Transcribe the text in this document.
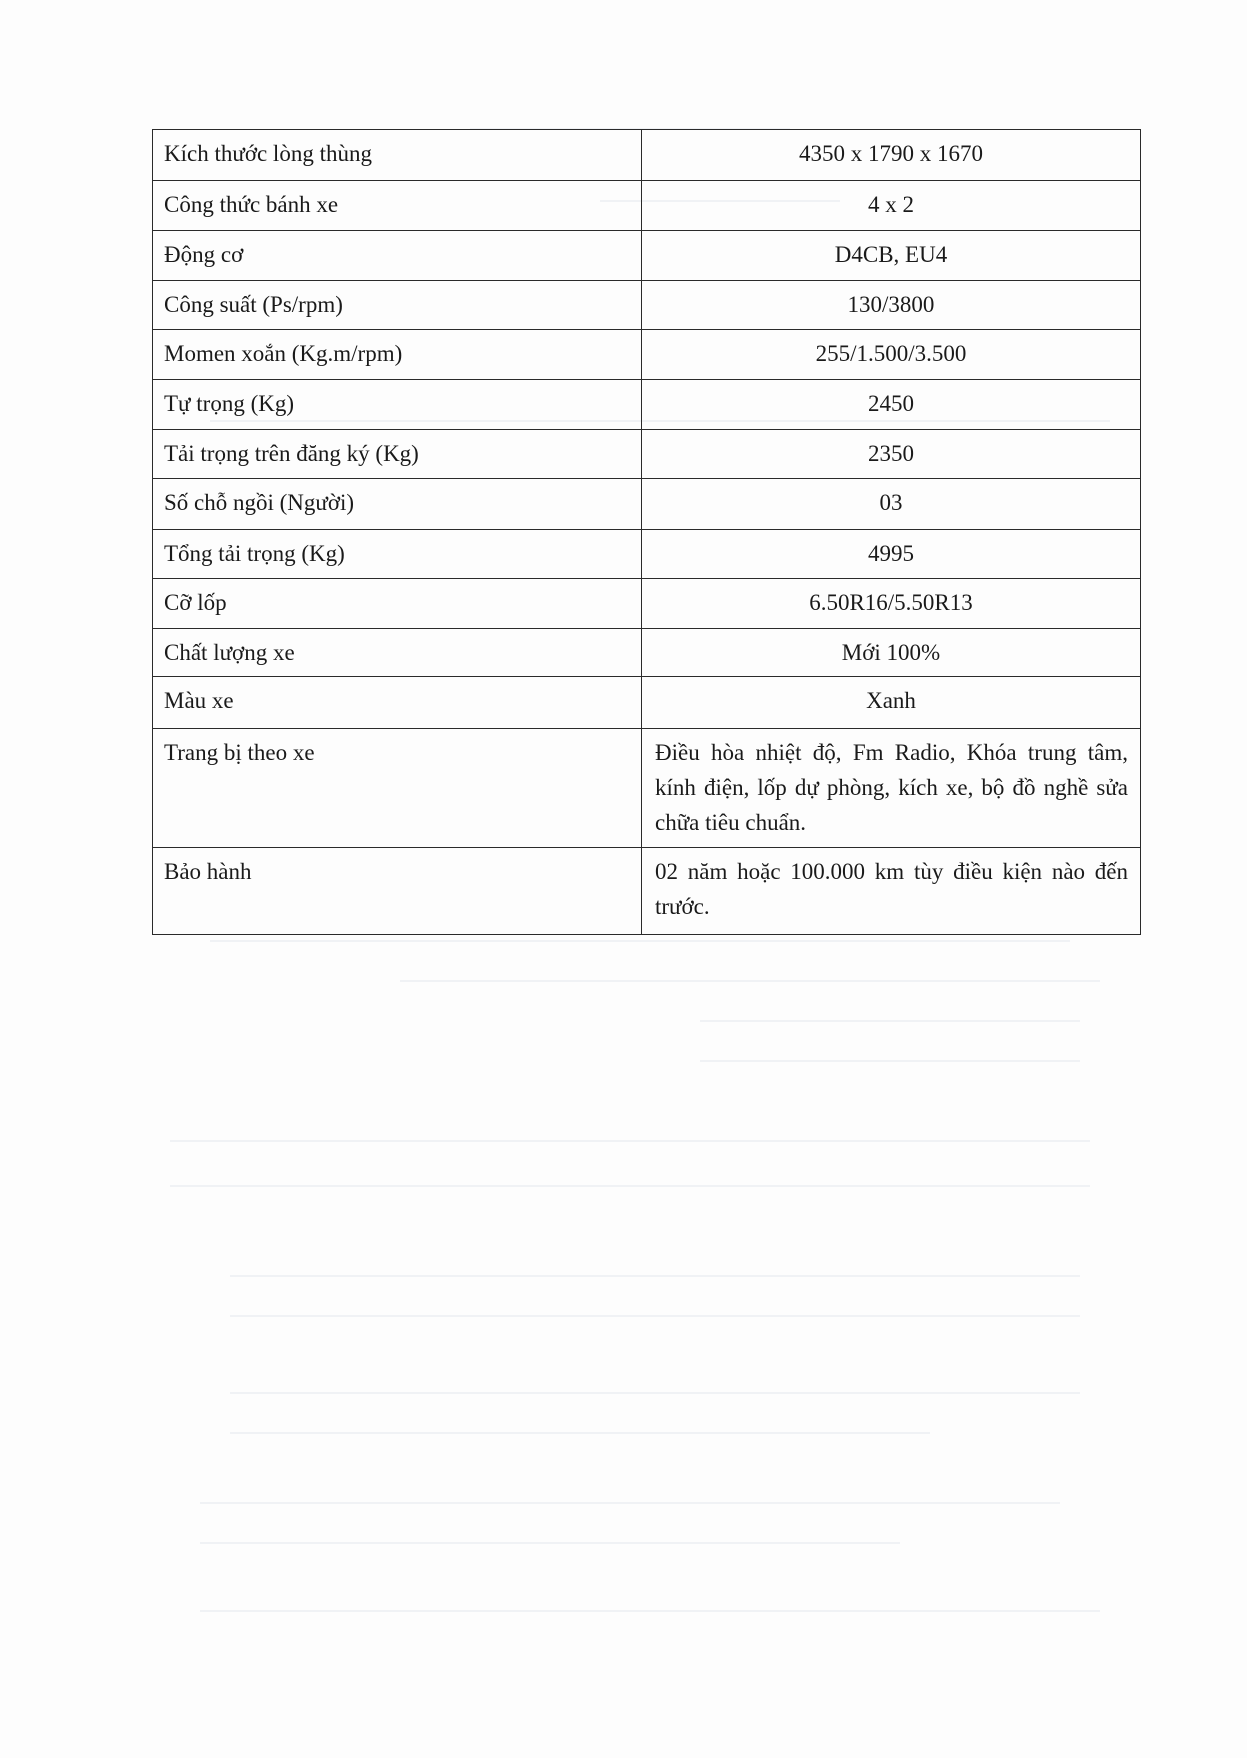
Kích thước lòng thùng	4350 x 1790 x 1670
Công thức bánh xe	4 x 2
Động cơ	D4CB, EU4
Công suất (Ps/rpm)	130/3800
Momen xoắn (Kg.m/rpm)	255/1.500/3.500
Tự trọng (Kg)	2450
Tải trọng trên đăng ký (Kg)	2350
Số chỗ ngồi (Người)	03
Tổng tải trọng (Kg)	4995
Cỡ lốp	6.50R16/5.50R13
Chất lượng xe	Mới 100%
Màu xe	Xanh
Trang bị theo xe	Điều hòa nhiệt độ, Fm Radio, Khóa trung tâm, kính điện, lốp dự phòng, kích xe, bộ đồ nghề sửa chữa tiêu chuẩn.
Bảo hành	02 năm hoặc 100.000 km tùy điều kiện nào đến trước.
